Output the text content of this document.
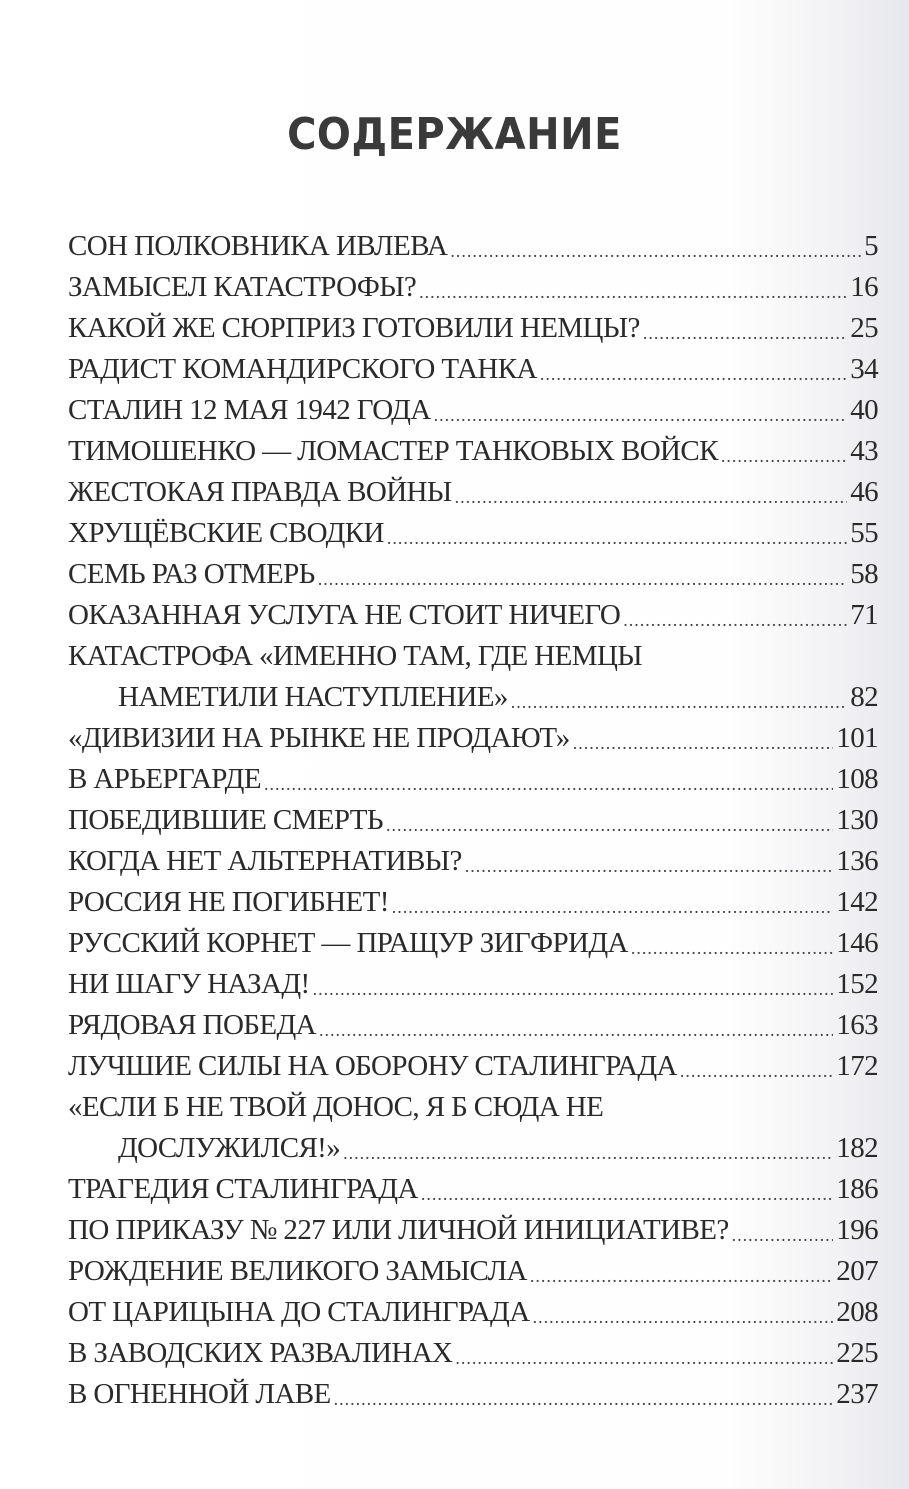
СОДЕРЖАНИЕ
СОН ПОЛКОВНИКА ИВЛЕВА .....	5
ЗАМЫСЕЛ КАТАСТРОФЫ? .....	16
КАКОЙ ЖЕ СЮРПРИЗ ГОТОВИЛИ НЕМЦЫ? .....	25
РАДИСТ КОМАНДИРСКОГО ТАНКА .....	34
СТАЛИН 12 МАЯ 1942 ГОДА .....	40
ТИМОШЕНКО — ЛОМАСТЕР ТАНКОВЫХ ВОЙСК .....	43
ЖЕСТОКАЯ ПРАВДА ВОЙНЫ .....	46
ХРУЩЁВСКИЕ СВОДКИ .....	55
СЕМЬ РАЗ ОТМЕРЬ .....	58
ОКАЗАННАЯ УСЛУГА НЕ СТОИТ НИЧЕГО .....	71
КАТАСТРОФА «ИМЕННО ТАМ, ГДЕ НЕМЦЫ
НАМЕТИЛИ НАСТУПЛЕНИЕ» .....	82
«ДИВИЗИИ НА РЫНКЕ НЕ ПРОДАЮТ» .....	101
В АРЬЕРГАРДЕ .....	108
ПОБЕДИВШИЕ СМЕРТЬ .....	130
КОГДА НЕТ АЛЬТЕРНАТИВЫ? .....	136
РОССИЯ НЕ ПОГИБНЕТ! .....	142
РУССКИЙ КОРНЕТ — ПРАЩУР ЗИГФРИДА .....	146
НИ ШАГУ НАЗАД! .....	152
РЯДОВАЯ ПОБЕДА .....	163
ЛУЧШИЕ СИЛЫ НА ОБОРОНУ СТАЛИНГРАДА .....	172
«ЕСЛИ Б НЕ ТВОЙ ДОНОС, Я Б СЮДА НЕ
ДОСЛУЖИЛСЯ!» .....	182
ТРАГЕДИЯ СТАЛИНГРАДА .....	186
ПО ПРИКАЗУ № 227 ИЛИ ЛИЧНОЙ ИНИЦИАТИВЕ? .....	196
РОЖДЕНИЕ ВЕЛИКОГО ЗАМЫСЛА .....	207
ОТ ЦАРИЦЫНА ДО СТАЛИНГРАДА .....	208
В ЗАВОДСКИХ РАЗВАЛИНАХ .....	225
В ОГНЕННОЙ ЛАВЕ .....	237
